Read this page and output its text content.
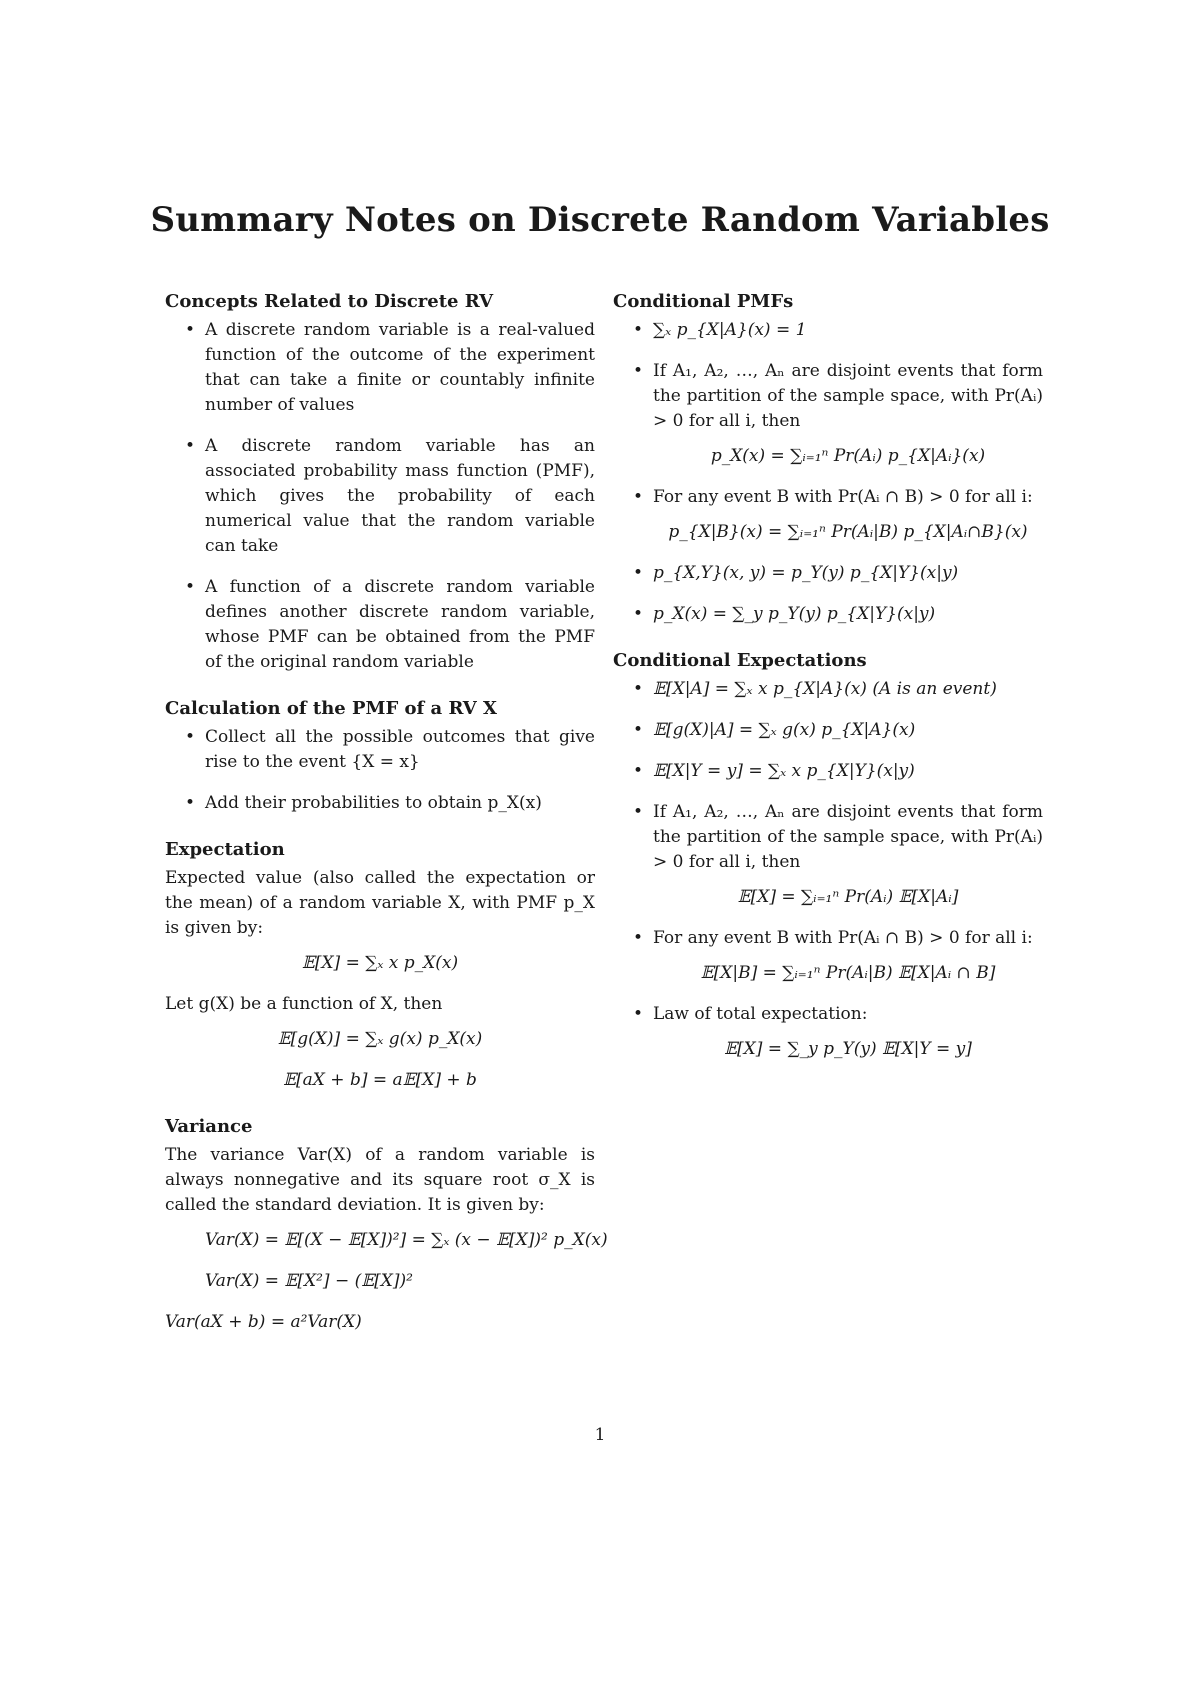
Summary Notes on Discrete Random Variables
Concepts Related to Discrete RV
• A discrete random variable is a real-valued function of the outcome of the experiment that can take a finite or countably infinite number of values
• A discrete random variable has an associated probability mass function (PMF), which gives the probability of each numerical value that the random variable can take
• A function of a discrete random variable defines another discrete random variable, whose PMF can be obtained from the PMF of the original random variable
Calculation of the PMF of a RV X
• Collect all the possible outcomes that give rise to the event {X = x}
• Add their probabilities to obtain p_X(x)
Expectation

Expected value (also called the expectation or the mean) of a random variable X, with PMF p_X is given by:

𝔼[X] = ∑ₓ x p_X(x)

Let g(X) be a function of X, then

𝔼[g(X)] = ∑ₓ g(x) p_X(x)
𝔼[aX + b] = a𝔼[X] + b
Variance

The variance Var(X) of a random variable is always nonnegative and its square root σ_X is called the standard deviation. It is given by:

Var(X) = 𝔼[(X − 𝔼[X])²] = ∑ₓ (x − 𝔼[X])² p_X(x)
Var(X) = 𝔼[X²] − (𝔼[X])²
Var(aX + b) = a²Var(X)
Conditional PMFs
• ∑ₓ p_{X|A}(x) = 1
• If A₁, A₂, …, Aₙ are disjoint events that form the partition of the sample space, with Pr(Aᵢ) > 0 for all i, then
p_X(x) = ∑ᵢ₌₁ⁿ Pr(Aᵢ) p_{X|Aᵢ}(x)
• For any event B with Pr(Aᵢ ∩ B) > 0 for all i:
p_{X|B}(x) = ∑ᵢ₌₁ⁿ Pr(Aᵢ|B) p_{X|Aᵢ∩B}(x)
• p_{X,Y}(x, y) = p_Y(y) p_{X|Y}(x|y)
• p_X(x) = ∑_y p_Y(y) p_{X|Y}(x|y)
Conditional Expectations
• 𝔼[X|A] = ∑ₓ x p_{X|A}(x) (A is an event)
• 𝔼[g(X)|A] = ∑ₓ g(x) p_{X|A}(x)
• 𝔼[X|Y = y] = ∑ₓ x p_{X|Y}(x|y)
• If A₁, A₂, …, Aₙ are disjoint events that form the partition of the sample space, with Pr(Aᵢ) > 0 for all i, then
𝔼[X] = ∑ᵢ₌₁ⁿ Pr(Aᵢ) 𝔼[X|Aᵢ]
• For any event B with Pr(Aᵢ ∩ B) > 0 for all i:
𝔼[X|B] = ∑ᵢ₌₁ⁿ Pr(Aᵢ|B) 𝔼[X|Aᵢ ∩ B]
• Law of total expectation:
𝔼[X] = ∑_y p_Y(y) 𝔼[X|Y = y]
1
